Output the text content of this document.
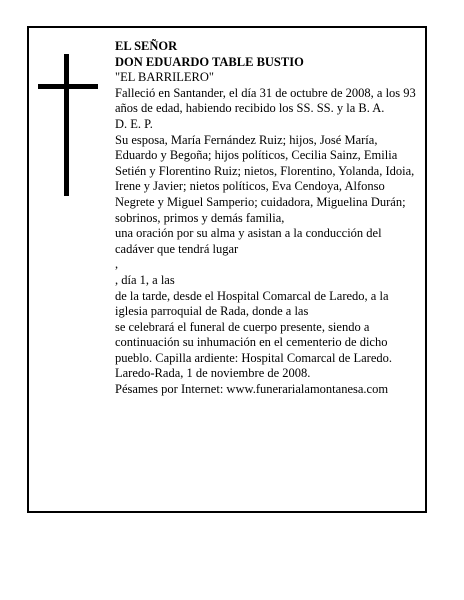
EL SEÑOR

DON EDUARDO TABLE BUSTIO

"EL BARRILERO"

Falleció en Santander, el día 31 de octubre de 2008, a los 93 años de edad, habiendo recibido los SS. SS. y la B. A.

D. E. P.

Su esposa, María Fernández Ruiz; hijos, José María, Eduardo y Begoña; hijos políticos, Cecilia Sainz, Emilia Setién y Florentino Ruiz; nietos, Florentino, Yolanda, Idoia, Irene y Javier; nietos políticos, Eva Cendoya, Alfonso Negrete y Miguel Samperio; cuidadora, Miguelina Durán; sobrinos, primos y demás familia,

una oración por su alma y asistan a la conducción del cadáver que tendrá lugar

,

, día 1, a las

de la tarde, desde el Hospital Comarcal de Laredo, a la iglesia parroquial de Rada, donde a las

se celebrará el funeral de cuerpo presente, siendo a continuación su inhumación en el cementerio de dicho pueblo. Capilla ardiente: Hospital Comarcal de Laredo.

Laredo-Rada, 1 de noviembre de 2008.

Pésames por Internet: www.funerarialamontanesa.com
